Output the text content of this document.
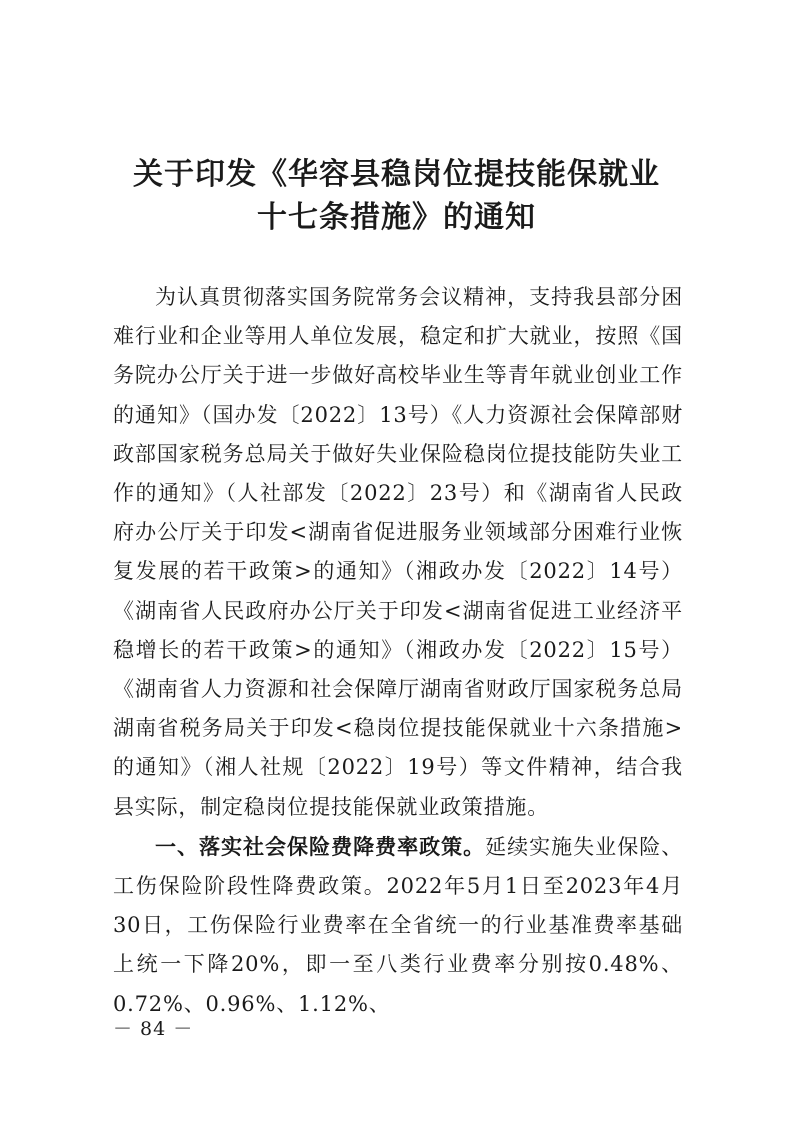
关于印发《华容县稳岗位提技能保就业
十七条措施》的通知

为认真贯彻落实国务院常务会议精神，支持我县部分困难行业和企业等用人单位发展，稳定和扩大就业，按照《国务院办公厅关于进一步做好高校毕业生等青年就业创业工作的通知》（国办发〔2022〕13号）《人力资源社会保障部财政部国家税务总局关于做好失业保险稳岗位提技能防失业工作的通知》（人社部发〔2022〕23号）和《湖南省人民政府办公厅关于印发<湖南省促进服务业领域部分困难行业恢复发展的若干政策>的通知》（湘政办发〔2022〕14号）《湖南省人民政府办公厅关于印发<湖南省促进工业经济平稳增长的若干政策>的通知》（湘政办发〔2022〕15号）《湖南省人力资源和社会保障厅湖南省财政厅国家税务总局湖南省税务局关于印发<稳岗位提技能保就业十六条措施>的通知》（湘人社规〔2022〕19号）等文件精神，结合我县实际，制定稳岗位提技能保就业政策措施。

一、落实社会保险费降费率政策。延续实施失业保险、工伤保险阶段性降费政策。2022年5月1日至2023年4月30日，工伤保险行业费率在全省统一的行业基准费率基础上统一下降20%，即一至八类行业费率分别按0.48%、0.72%、0.96%、1.12%、

－ 84 －
